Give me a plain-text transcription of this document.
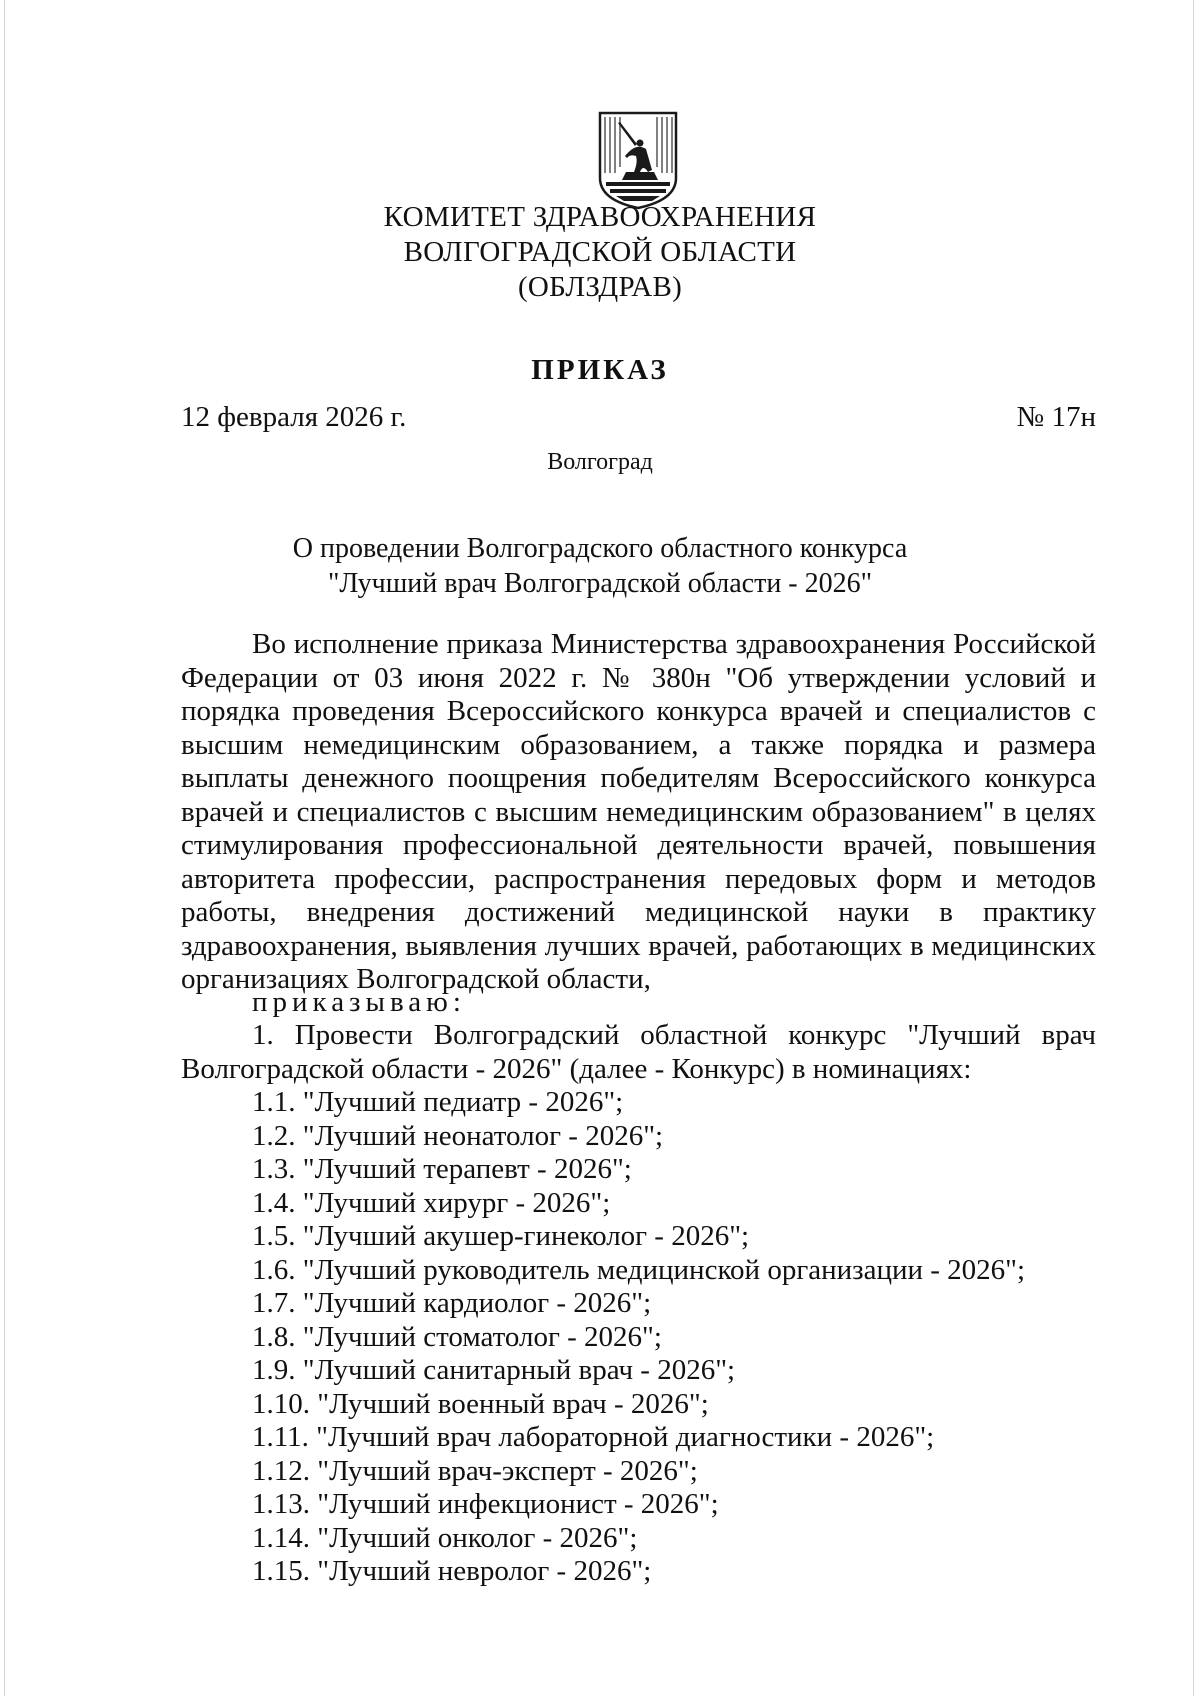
КОМИТЕТ ЗДРАВООХРАНЕНИЯ
ВОЛГОГРАДСКОЙ ОБЛАСТИ
(ОБЛЗДРАВ)
ПРИКАЗ
12 февраля 2026 г.	№ 17н
Волгоград
О проведении Волгоградского областного конкурса
"Лучший врач Волгоградской области - 2026"

Во исполнение приказа Министерства здравоохранения Российской Федерации от 03 июня 2022 г. № 380н "Об утверждении условий и порядка проведения Всероссийского конкурса врачей и специалистов с высшим немедицинским образованием, а также порядка и размера выплаты денежного поощрения победителям Всероссийского конкурса врачей и специалистов с высшим немедицинским образованием" в целях стимулирования профессиональной деятельности врачей, повышения авторитета профессии, распространения передовых форм и методов работы, внедрения достижений медицинской науки в практику здравоохранения, выявления лучших врачей, работающих в медицинских организациях Волгоградской области,

приказываю:

1. Провести Волгоградский областной конкурс "Лучший врач Волгоградской области - 2026" (далее - Конкурс) в номинациях:

1.1. "Лучший педиатр - 2026";
1.2. "Лучший неонатолог - 2026";
1.3. "Лучший терапевт - 2026";
1.4. "Лучший хирург - 2026";
1.5. "Лучший акушер-гинеколог - 2026";
1.6. "Лучший руководитель медицинской организации - 2026";
1.7. "Лучший кардиолог - 2026";
1.8. "Лучший стоматолог - 2026";
1.9. "Лучший санитарный врач - 2026";
1.10. "Лучший военный врач - 2026";
1.11. "Лучший врач лабораторной диагностики - 2026";
1.12. "Лучший врач-эксперт - 2026";
1.13. "Лучший инфекционист - 2026";
1.14. "Лучший онколог - 2026";
1.15. "Лучший невролог - 2026";
